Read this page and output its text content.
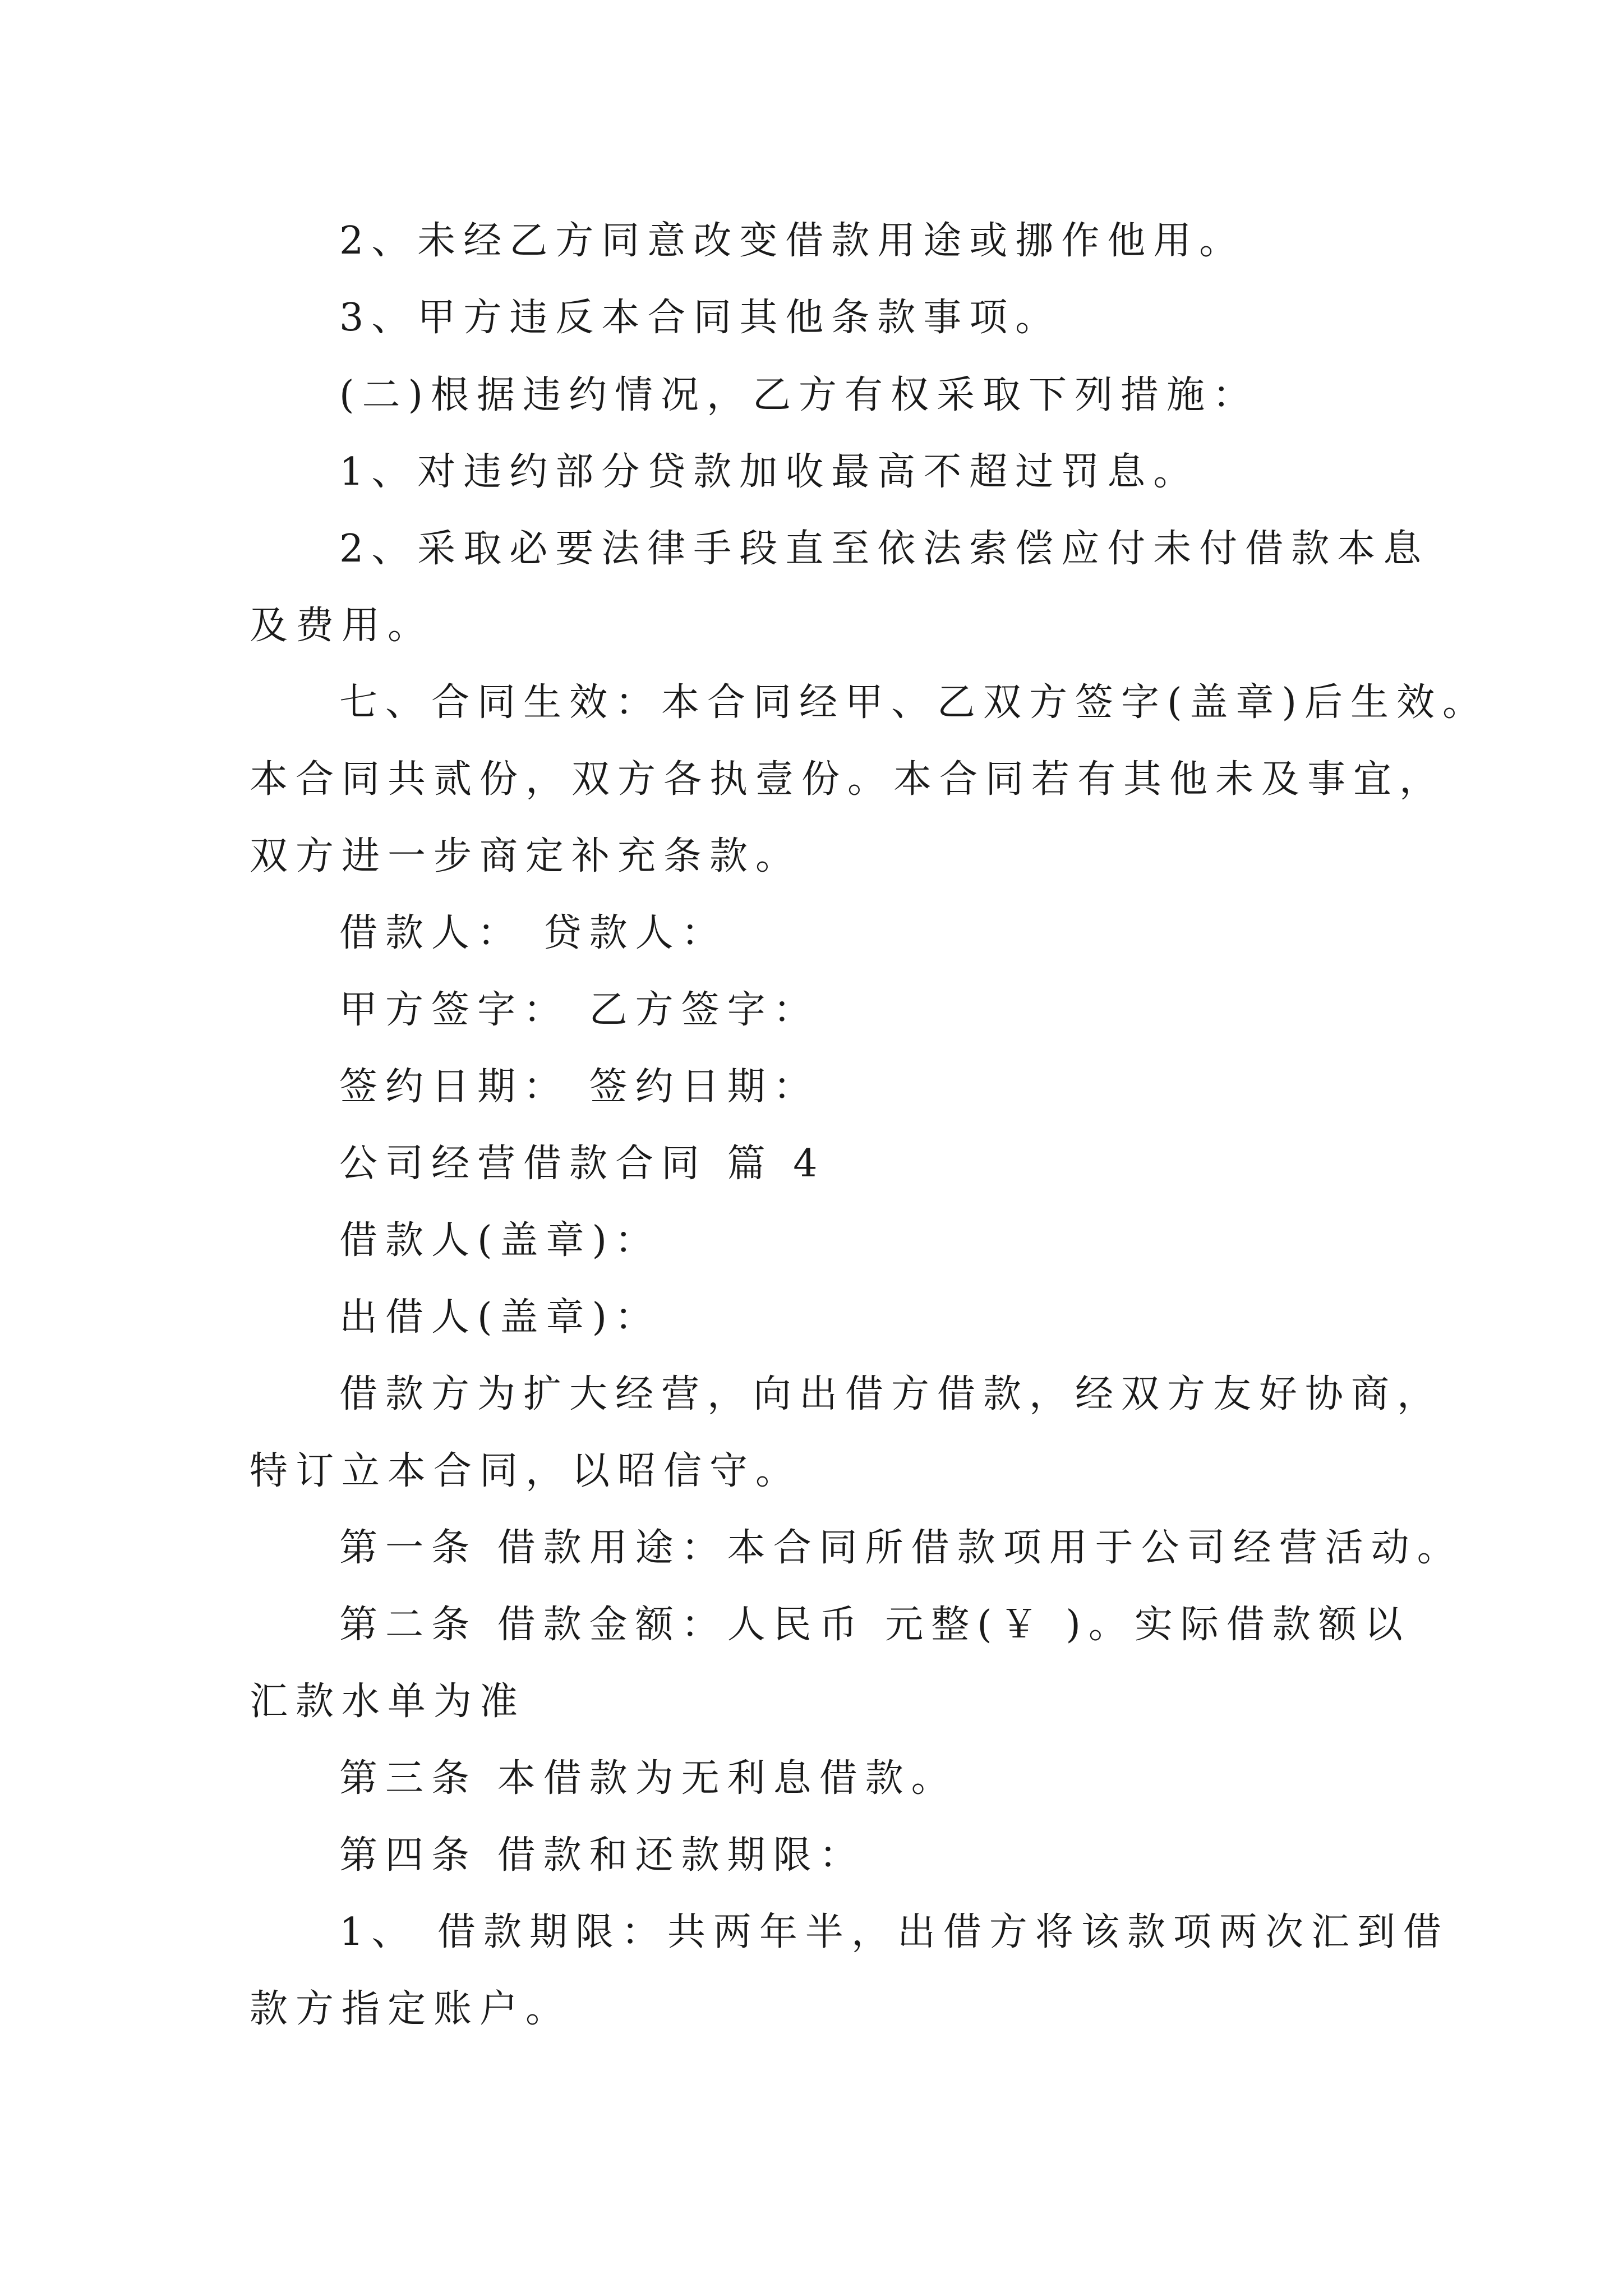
2、未经乙方同意改变借款用途或挪作他用。
3、甲方违反本合同其他条款事项。
(二)根据违约情况，乙方有权采取下列措施：
1、对违约部分贷款加收最高不超过罚息。
2、采取必要法律手段直至依法索偿应付未付借款本息
及费用。
七、合同生效：本合同经甲、乙双方签字(盖章)后生效。
本合同共贰份，双方各执壹份。本合同若有其他未及事宜，
双方进一步商定补充条款。
借款人： 贷款人：
甲方签字： 乙方签字：
签约日期： 签约日期：
公司经营借款合同 篇 4
借款人(盖章)：
出借人(盖章)：
借款方为扩大经营，向出借方借款，经双方友好协商，
特订立本合同，以昭信守。
第一条 借款用途：本合同所借款项用于公司经营活动。
第二条 借款金额：人民币 元整(￥ )。实际借款额以
汇款水单为准
第三条 本借款为无利息借款。
第四条 借款和还款期限：
1、 借款期限：共两年半，出借方将该款项两次汇到借
款方指定账户。
